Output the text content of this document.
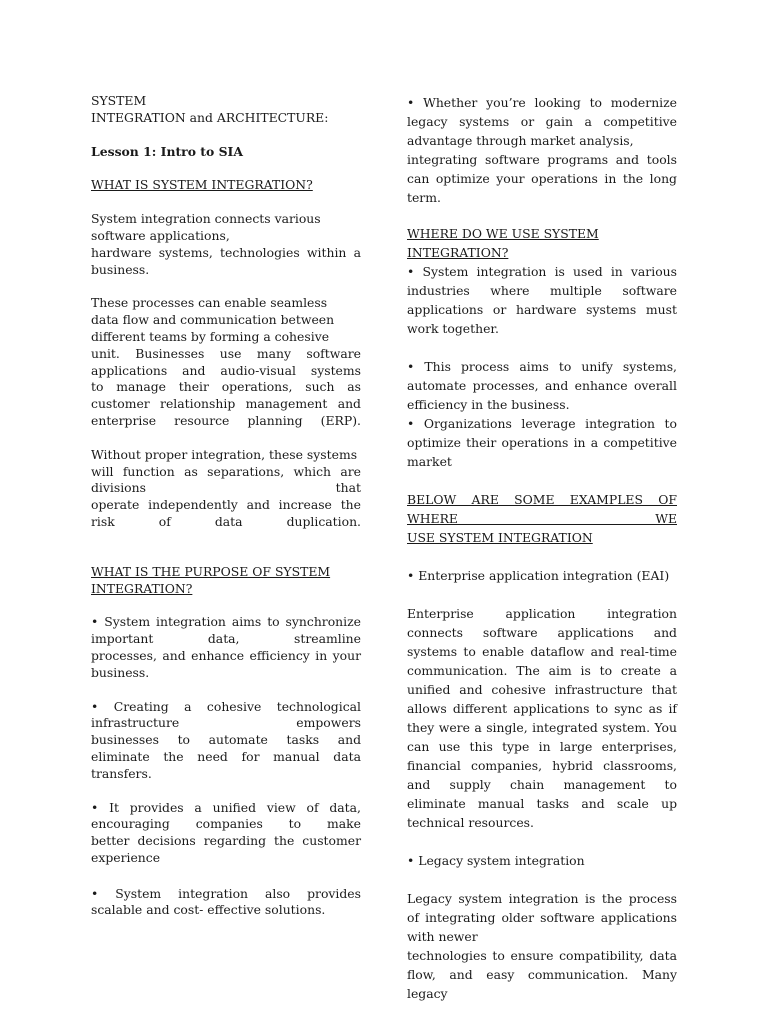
SYSTEM
INTEGRATION and ARCHITECTURE:
Lesson 1: Intro to SIA
WHAT IS SYSTEM INTEGRATION?
System integration connects various software applications,
hardware systems, technologies within a business.
These processes can enable seamless
data flow and communication between
different teams by forming a cohesive
unit. Businesses use many software applications and audio-visual systems
to manage their operations, such as customer relationship management and enterprise resource planning (ERP).
Without proper integration, these systems
will function as separations, which are divisions that
operate independently and increase the risk of data duplication.
WHAT IS THE PURPOSE OF SYSTEM INTEGRATION?
• System integration aims to synchronize important data, streamline
processes, and enhance efficiency in your business.
• Creating a cohesive technological infrastructure empowers
businesses to automate tasks and eliminate the need for manual data
transfers.
• It provides a unified view of data, encouraging companies to make
better decisions regarding the customer experience
• System integration also provides scalable and cost- effective solutions.
• Whether you’re looking to modernize legacy systems or gain a competitive advantage through market analysis,
integrating software programs and tools can optimize your operations in the long term.
WHERE DO WE USE SYSTEM INTEGRATION?
• System integration is used in various industries where multiple software applications or hardware systems must work together.
• This process aims to unify systems, automate processes, and enhance overall efficiency in the business.
• Organizations leverage integration to optimize their operations in a competitive market
BELOW ARE SOME EXAMPLES OF WHERE WE
USE SYSTEM INTEGRATION
• Enterprise application integration (EAI)
Enterprise application integration connects software applications and systems to enable dataflow and real-time communication. The aim is to create a unified and cohesive infrastructure that allows different applications to sync as if they were a single, integrated system. You can use this type in large enterprises, financial companies, hybrid classrooms, and supply chain management to eliminate manual tasks and scale up technical resources.
• Legacy system integration
Legacy system integration is the process of integrating older software applications with newer
technologies to ensure compatibility, data flow, and easy communication. Many legacy
